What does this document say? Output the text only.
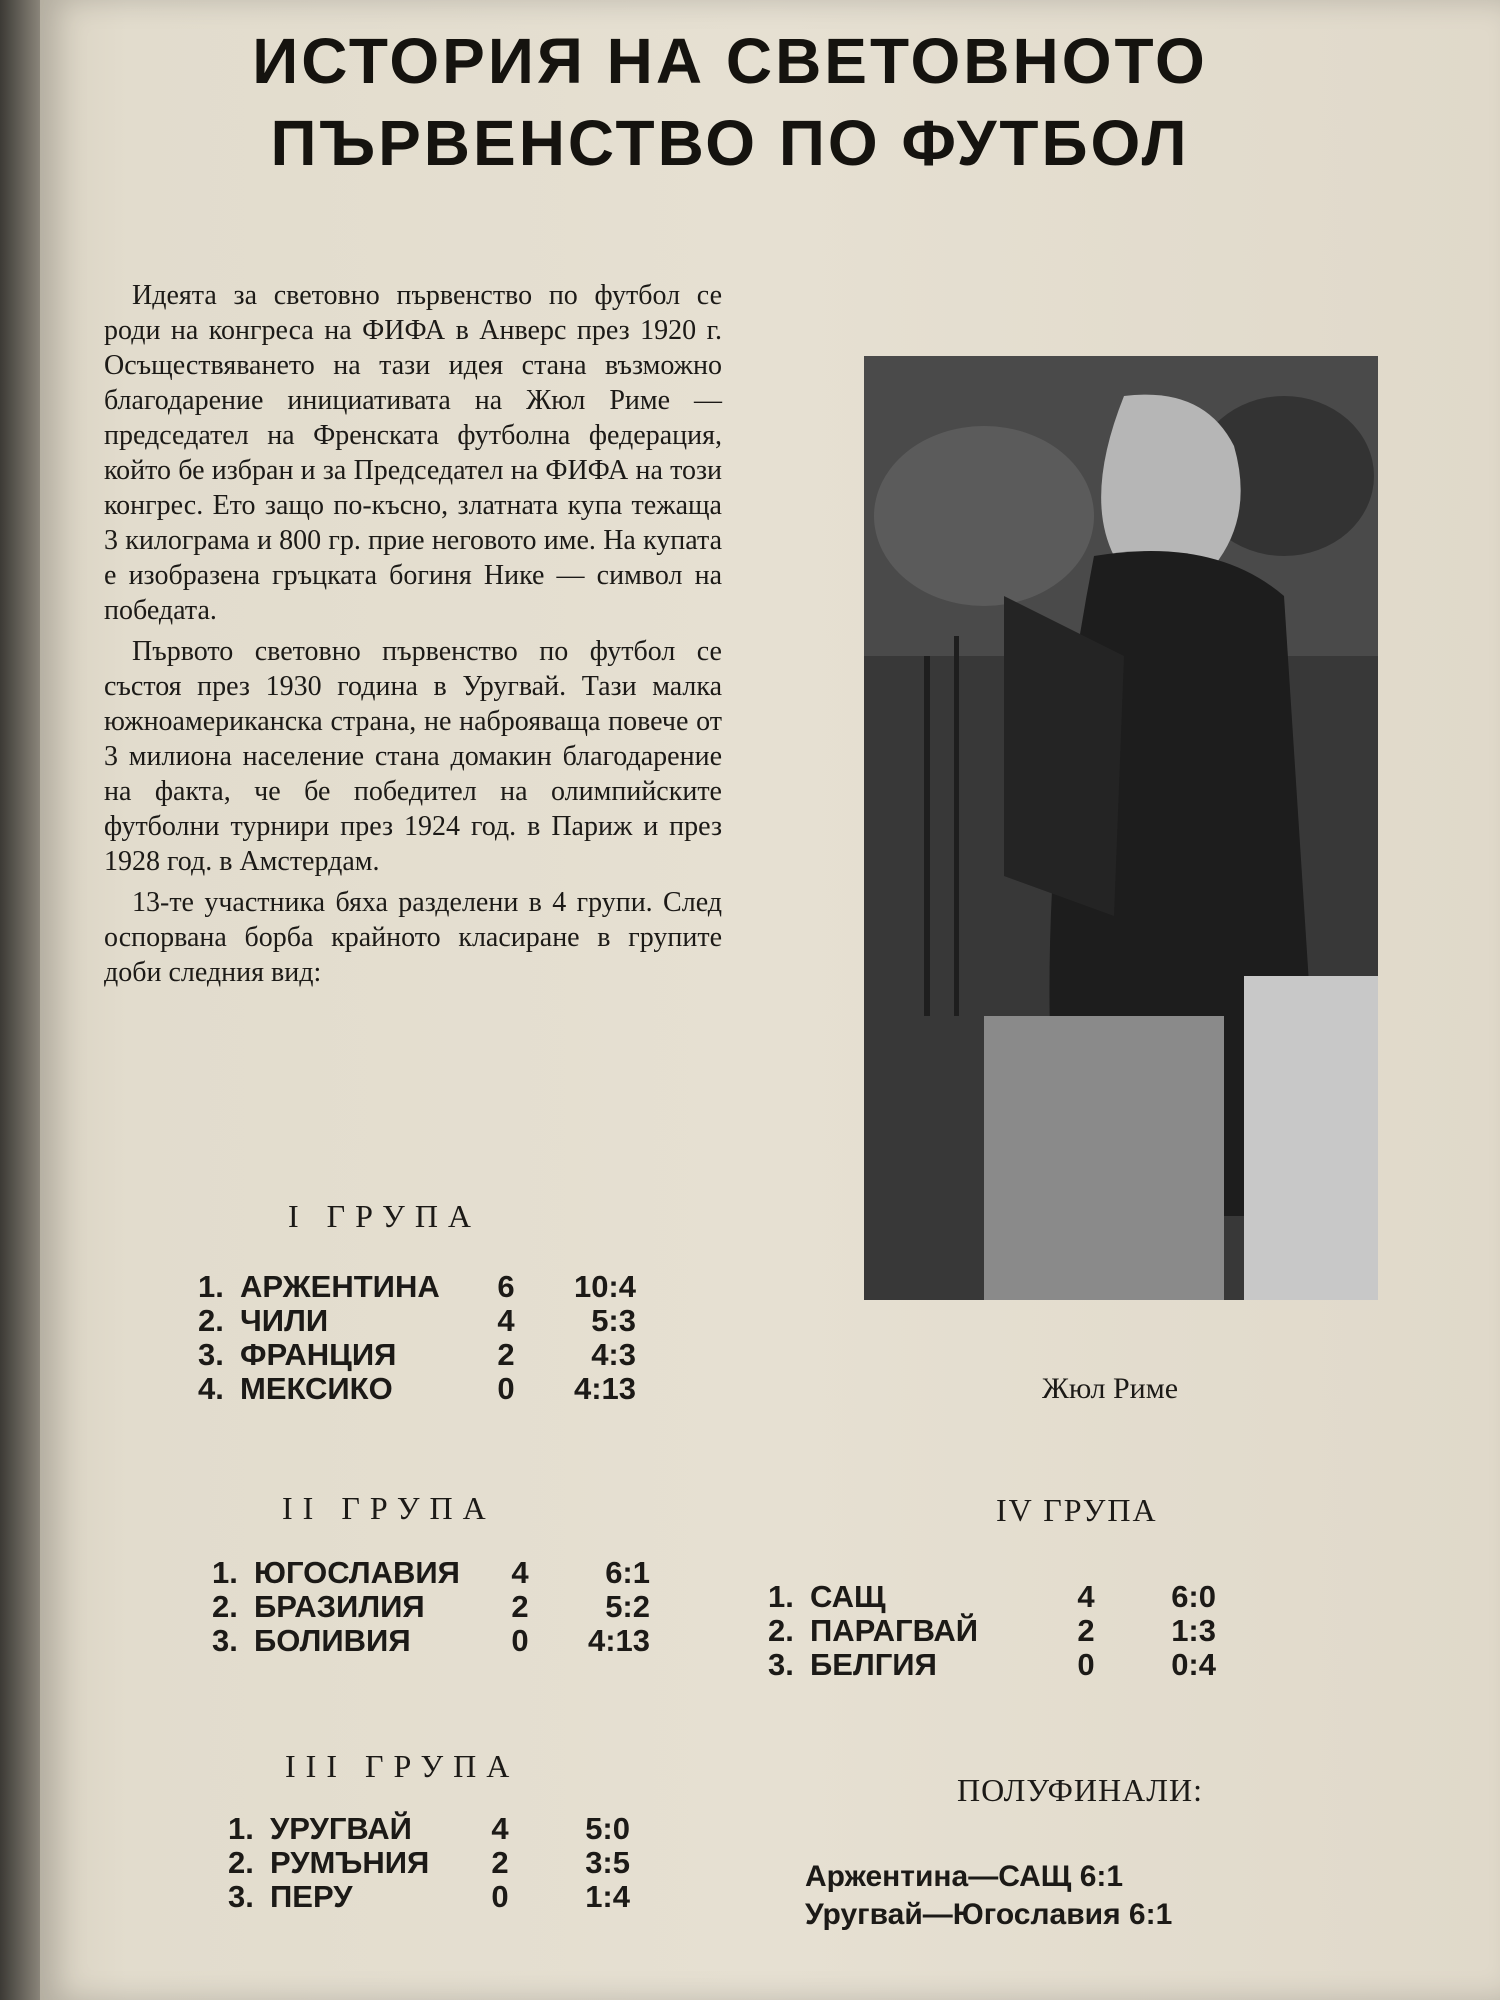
ИСТОРИЯ НА СВЕТОВНОТО
ПЪРВЕНСТВО ПО ФУТБОЛ

Идеята за световно първенство по футбол се роди на конгреса на ФИФА в Анверс през 1920 г. Осъществяването на тази идея стана възможно благодарение инициативата на Жюл Риме — председател на Френската футболна федерация, който бе избран и за Председател на ФИФА на този конгрес. Ето защо по-късно, златната купа тежаща 3 килограма и 800 гр. прие неговото име. На купата е изобразена гръцката богиня Нике — символ на победата.

Първото световно първенство по футбол се състоя през 1930 година в Уругвай. Тази малка южноамериканска страна, не наброяваща повече от 3 милиона население стана домакин благодарение на факта, че бе победител на олимпийските футболни турнири през 1924 год. в Париж и през 1928 год. в Амстердам.

13-те участника бяха разделени в 4 групи. След оспорвана борба крайното класиране в групите доби следния вид:

Жюл Риме
I ГРУПА
1. АРЖЕНТИНА	6	10:4
2. ЧИЛИ	4	5:3
3. ФРАНЦИЯ	2	4:3
4. МЕКСИКО	0	4:13
II ГРУПА
1. ЮГОСЛАВИЯ	4	6:1
2. БРАЗИЛИЯ	2	5:2
3. БОЛИВИЯ	0	4:13
III ГРУПА
1. УРУГВАЙ	4	5:0
2. РУМЪНИЯ	2	3:5
3. ПЕРУ	0	1:4
IV ГРУПА
1. САЩ	4	6:0
2. ПАРАГВАЙ	2	1:3
3. БЕЛГИЯ	0	0:4
ПОЛУФИНАЛИ:
Аржентина—САЩ 6:1
Уругвай—Югославия 6:1
